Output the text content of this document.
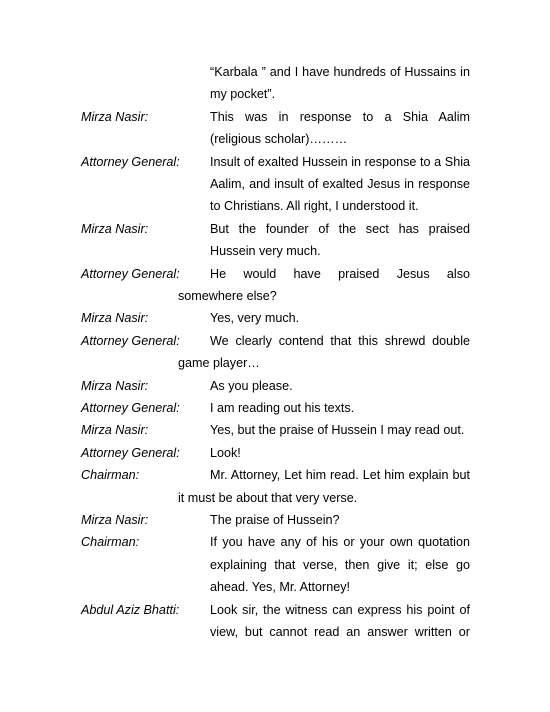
“Karbala ” and I have hundreds of Hussains in
my pocket”.
Mirza Nasir:	This was in response to a Shia Aalim
(religious scholar)………
Attorney General: Insult of exalted Hussein in response to a Shia
Aalim, and insult of exalted Jesus in response
to Christians. All right, I understood it.
Mirza Nasir:	But the founder of the sect has praised
Hussein very much.
Attorney General: He would have praised Jesus also
somewhere else?
Mirza Nasir:	Yes, very much.
Attorney General: We clearly contend that this shrewd double
game player…
Mirza Nasir:	As you please.
Attorney General: I am reading out his texts.
Mirza Nasir:	Yes, but the praise of Hussein I may read out.
Attorney General: Look!
Chairman:	Mr. Attorney, Let him read. Let him explain but
it must be about that very verse.
Mirza Nasir:	The praise of Hussein?
Chairman:	If you have any of his or your own quotation
explaining that verse, then give it; else go
ahead. Yes, Mr. Attorney!
Abdul Aziz Bhatti: Look sir, the witness can express his point of
view, but cannot read an answer written or
